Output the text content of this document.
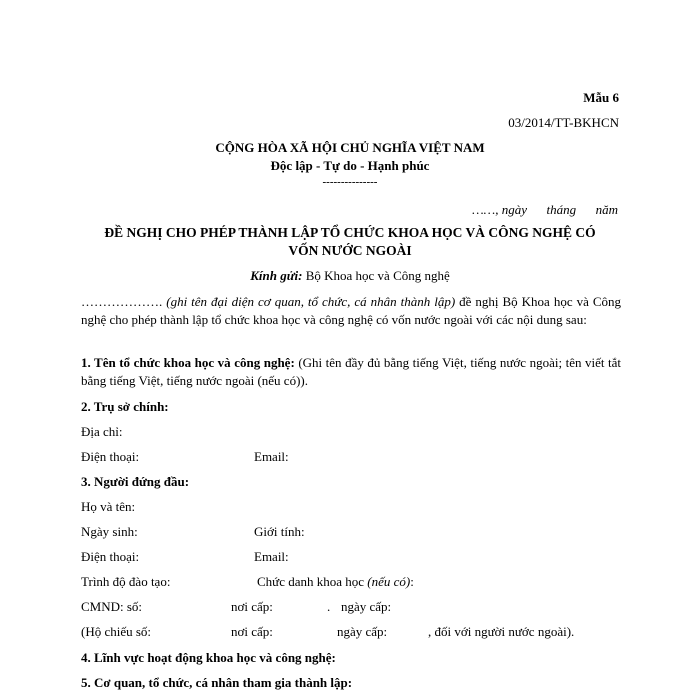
Mẫu 6
03/2014/TT-BKHCN
CỘNG HÒA XÃ HỘI CHỦ NGHĨA VIỆT NAM
Độc lập - Tự do - Hạnh phúc
---------------
……, ngày      tháng      năm
ĐỀ NGHỊ CHO PHÉP THÀNH LẬP TỔ CHỨC KHOA HỌC VÀ CÔNG NGHỆ CÓ
VỐN NƯỚC NGOÀI
Kính gửi: Bộ Khoa học và Công nghệ
………………. (ghi tên đại diện cơ quan, tổ chức, cá nhân thành lập) đề nghị Bộ Khoa học và Công nghệ cho phép thành lập tổ chức khoa học và công nghệ có vốn nước ngoài với các nội dung sau:
1. Tên tổ chức khoa học và công nghệ: (Ghi tên đầy đủ bằng tiếng Việt, tiếng nước ngoài; tên viết tắt bằng tiếng Việt, tiếng nước ngoài (nếu có)).
2. Trụ sở chính:
Địa chỉ:
Điện thoại:	Email:
3. Người đứng đầu:
Họ và tên:
Ngày sinh:	Giới tính:
Điện thoại:	Email:
Trình độ đào tạo:	Chức danh khoa học (nếu có):
CMND: số:	nơi cấp:	. ngày cấp:
(Hộ chiếu số:	nơi cấp:	ngày cấp:	, đối với người nước ngoài).
4. Lĩnh vực hoạt động khoa học và công nghệ:
5. Cơ quan, tổ chức, cá nhân tham gia thành lập:
